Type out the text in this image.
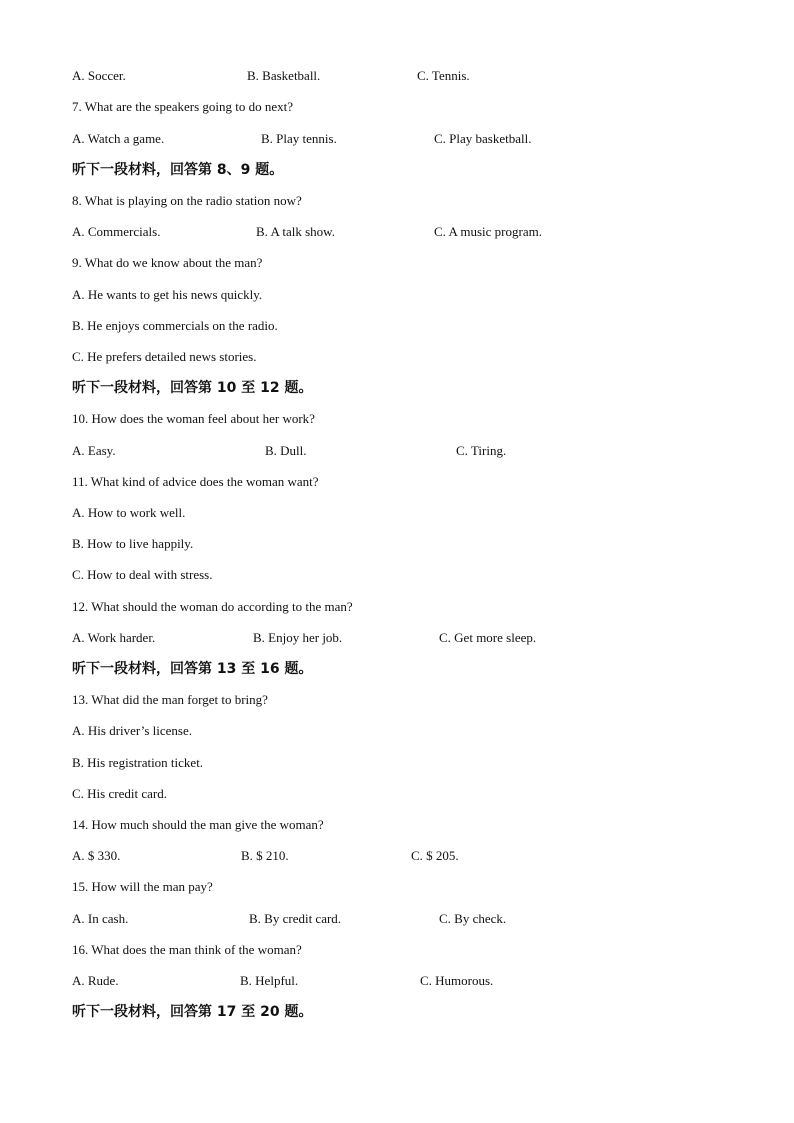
A. Soccer.	B. Basketball.	C. Tennis.
7. What are the speakers going to do next?
A. Watch a game.	B. Play tennis.	C. Play basketball.
听下一段材料，回答第 8、9 题。
8. What is playing on the radio station now?
A. Commercials.	B. A talk show.	C. A music program.
9. What do we know about the man?
A. He wants to get his news quickly.
B. He enjoys commercials on the radio.
C. He prefers detailed news stories.
听下一段材料，回答第 10 至 12 题。
10. How does the woman feel about her work?
A. Easy.	B. Dull.	C. Tiring.
11. What kind of advice does the woman want?
A. How to work well.
B. How to live happily.
C. How to deal with stress.
12. What should the woman do according to the man?
A. Work harder.	B. Enjoy her job.	C. Get more sleep.
听下一段材料，回答第 13 至 16 题。
13. What did the man forget to bring?
A. His driver’s license.
B. His registration ticket.
C. His credit card.
14. How much should the man give the woman?
A. $ 330.	B. $ 210.	C. $ 205.
15. How will the man pay?
A. In cash.	B. By credit card.	C. By check.
16. What does the man think of the woman?
A. Rude.	B. Helpful.	C. Humorous.
听下一段材料，回答第 17 至 20 题。
